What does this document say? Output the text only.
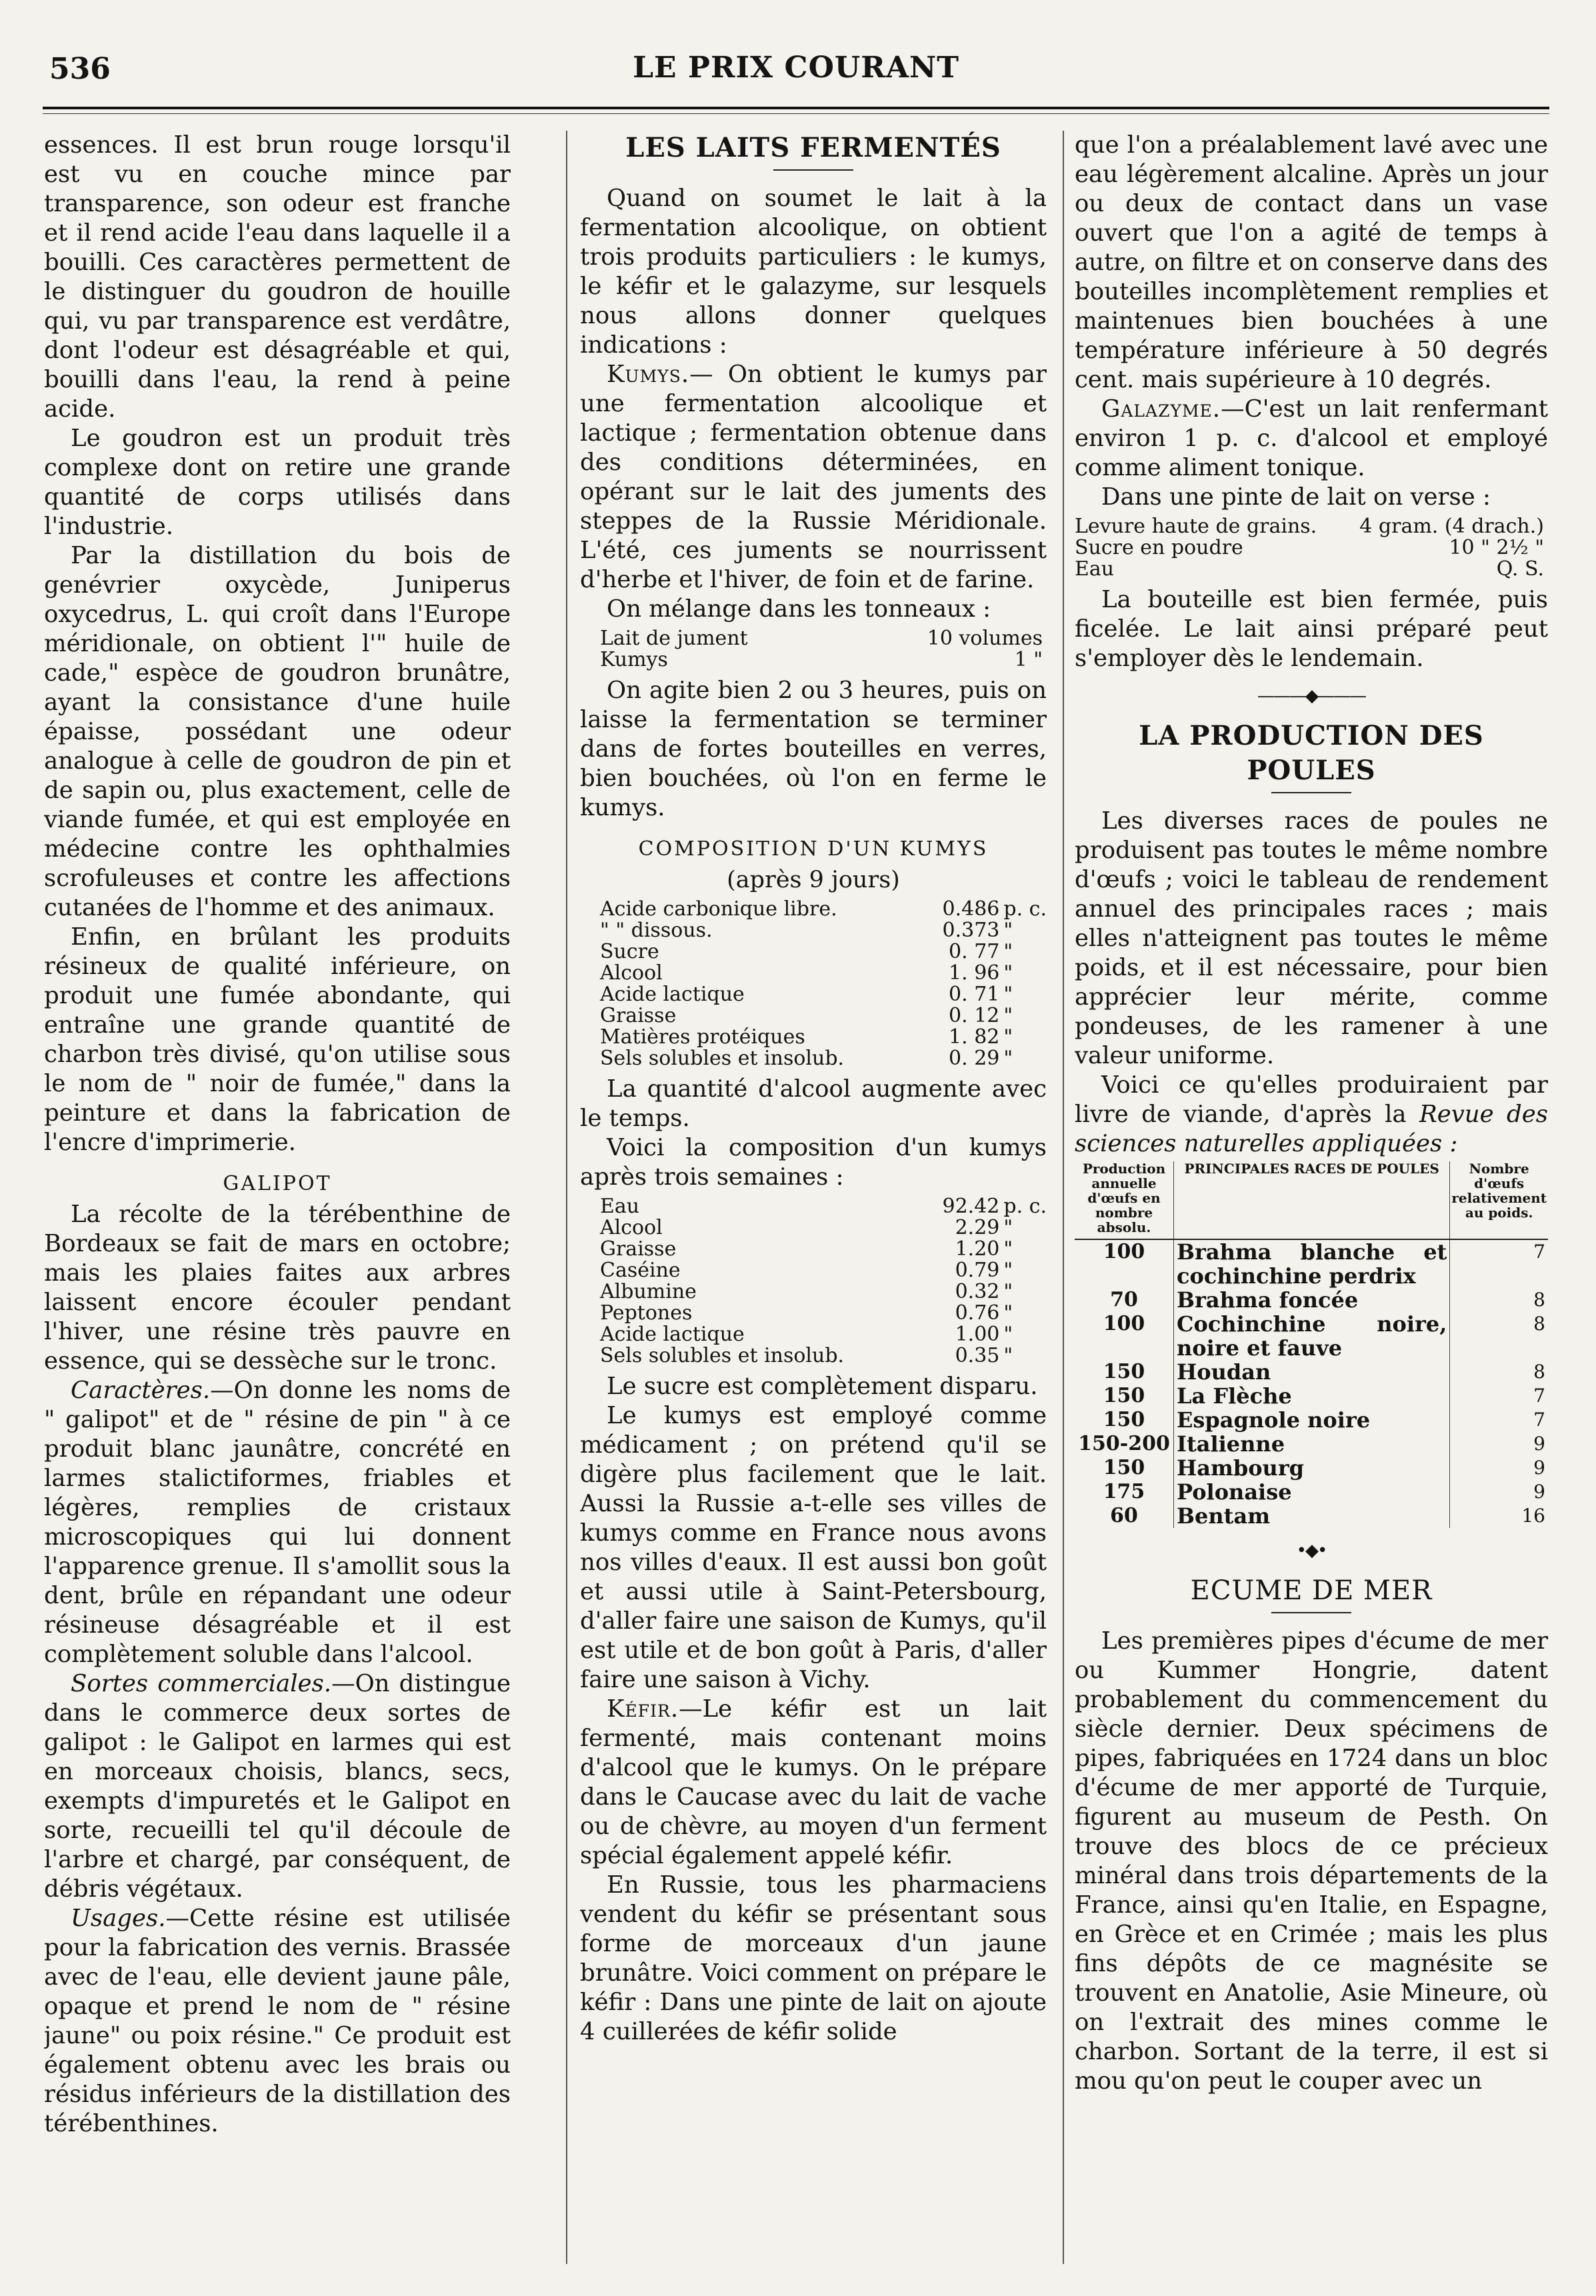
536	LE PRIX COURANT

essences. Il est brun rouge lorsqu'il est vu en couche mince par transparence, son odeur est franche et il rend acide l'eau dans laquelle il a bouilli. Ces caractères permettent de le distinguer du goudron de houille qui, vu par transparence est verdâtre, dont l'odeur est désagréable et qui, bouilli dans l'eau, la rend à peine acide.

Le goudron est un produit très complexe dont on retire une grande quantité de corps utilisés dans l'industrie.

Par la distillation du bois de genévrier oxycède, Juniperus oxycedrus, L. qui croît dans l'Europe méridionale, on obtient l'" huile de cade," espèce de goudron brunâtre, ayant la consistance d'une huile épaisse, possédant une odeur analogue à celle de goudron de pin et de sapin ou, plus exactement, celle de viande fumée, et qui est employée en médecine contre les ophthalmies scrofuleuses et contre les affections cutanées de l'homme et des animaux.

Enfin, en brûlant les produits résineux de qualité inférieure, on produit une fumée abondante, qui entraîne une grande quantité de charbon très divisé, qu'on utilise sous le nom de " noir de fumée," dans la peinture et dans la fabrication de l'encre d'imprimerie.

GALIPOT

La récolte de la térébenthine de Bordeaux se fait de mars en octobre; mais les plaies faites aux arbres laissent encore écouler pendant l'hiver, une résine très pauvre en essence, qui se dessèche sur le tronc.

Caractères.—On donne les noms de " galipot" et de " résine de pin " à ce produit blanc jaunâtre, concrété en larmes stalictiformes, friables et légères, remplies de cristaux microscopiques qui lui donnent l'apparence grenue. Il s'amollit sous la dent, brûle en répandant une odeur résineuse désagréable et il est complètement soluble dans l'alcool.

Sortes commerciales.—On distingue dans le commerce deux sortes de galipot : le Galipot en larmes qui est en morceaux choisis, blancs, secs, exempts d'impuretés et le Galipot en sorte, recueilli tel qu'il découle de l'arbre et chargé, par conséquent, de débris végétaux.

Usages.—Cette résine est utilisée pour la fabrication des vernis. Brassée avec de l'eau, elle devient jaune pâle, opaque et prend le nom de " résine jaune" ou poix résine." Ce produit est également obtenu avec les brais ou résidus inférieurs de la distillation des térébenthines.

LES LAITS FERMENTÉS

Quand on soumet le lait à la fermentation alcoolique, on obtient trois produits particuliers : le kumys, le kéfir et le galazyme, sur lesquels nous allons donner quelques indications :

Kumys.— On obtient le kumys par une fermentation alcoolique et lactique ; fermentation obtenue dans des conditions déterminées, en opérant sur le lait des juments des steppes de la Russie Méridionale. L'été, ces juments se nourrissent d'herbe et l'hiver, de foin et de farine.

On mélange dans les tonneaux :

Lait de jument	10 volumes
Kumys	1 "

On agite bien 2 ou 3 heures, puis on laisse la fermentation se terminer dans de fortes bouteilles en verres, bien bouchées, où l'on en ferme le kumys.

COMPOSITION D'UN KUMYS
(après 9 jours)
Acide carbonique libre.	0.486	p. c.
" " dissous.	0.373	"
Sucre	0. 77	"
Alcool	1. 96	"
Acide lactique	0. 71	"
Graisse	0. 12	"
Matières protéiques	1. 82	"
Sels solubles et insolub.	0. 29	"

La quantité d'alcool augmente avec le temps.

Voici la composition d'un kumys après trois semaines :

Eau	92.42	p. c.
Alcool	2.29	"
Graisse	1.20	"
Caséine	0.79	"
Albumine	0.32	"
Peptones	0.76	"
Acide lactique	1.00	"
Sels solubles et insolub.	0.35	"

Le sucre est complètement disparu.

Le kumys est employé comme médicament ; on prétend qu'il se digère plus facilement que le lait. Aussi la Russie a-t-elle ses villes de kumys comme en France nous avons nos villes d'eaux. Il est aussi bon goût et aussi utile à Saint-Petersbourg, d'aller faire une saison de Kumys, qu'il est utile et de bon goût à Paris, d'aller faire une saison à Vichy.

Kéfir.—Le kéfir est un lait fermenté, mais contenant moins d'alcool que le kumys. On le prépare dans le Caucase avec du lait de vache ou de chèvre, au moyen d'un ferment spécial également appelé kéfir.

En Russie, tous les pharmaciens vendent du kéfir se présentant sous forme de morceaux d'un jaune brunâtre. Voici comment on prépare le kéfir : Dans une pinte de lait on ajoute 4 cuillerées de kéfir solide

que l'on a préalablement lavé avec une eau légèrement alcaline. Après un jour ou deux de contact dans un vase ouvert que l'on a agité de temps à autre, on filtre et on conserve dans des bouteilles incomplètement remplies et maintenues bien bouchées à une température inférieure à 50 degrés cent. mais supérieure à 10 degrés.

Galazyme.—C'est un lait renfermant environ 1 p. c. d'alcool et employé comme aliment tonique.

Dans une pinte de lait on verse :

Levure haute de grains.	4 gram. (4 drach.)
Sucre en poudre	10 " 2½ "
Eau	Q. S.

La bouteille est bien fermée, puis ficelée. Le lait ainsi préparé peut s'employer dès le lendemain.

———◆———
LA PRODUCTION DES POULES

Les diverses races de poules ne produisent pas toutes le même nombre d'œufs ; voici le tableau de rendement annuel des principales races ; mais elles n'atteignent pas toutes le même poids, et il est nécessaire, pour bien apprécier leur mérite, comme pondeuses, de les ramener à une valeur uniforme.

Voici ce qu'elles produiraient par livre de viande, d'après la Revue des sciences naturelles appliquées :

Production annuelle d'œufs en nombre absolu.	PRINCIPALES RACES DE POULES	Nombre d'œufs relativement au poids.
100	Brahma blanche et cochinchine perdrix	7
70	Brahma foncée	8
100	Cochinchine noire, noire et fauve	8
150	Houdan	8
150	La Flèche	7
150	Espagnole noire	7
150-200	Italienne	9
150	Hambourg	9
175	Polonaise	9
60	Bentam	16
•◆•
ECUME DE MER

Les premières pipes d'écume de mer ou Kummer Hongrie, datent probablement du commencement du siècle dernier. Deux spécimens de pipes, fabriquées en 1724 dans un bloc d'écume de mer apporté de Turquie, figurent au museum de Pesth. On trouve des blocs de ce précieux minéral dans trois départements de la France, ainsi qu'en Italie, en Espagne, en Grèce et en Crimée ; mais les plus fins dépôts de ce magnésite se trouvent en Anatolie, Asie Mineure, où on l'extrait des mines comme le charbon. Sortant de la terre, il est si mou qu'on peut le couper avec un
